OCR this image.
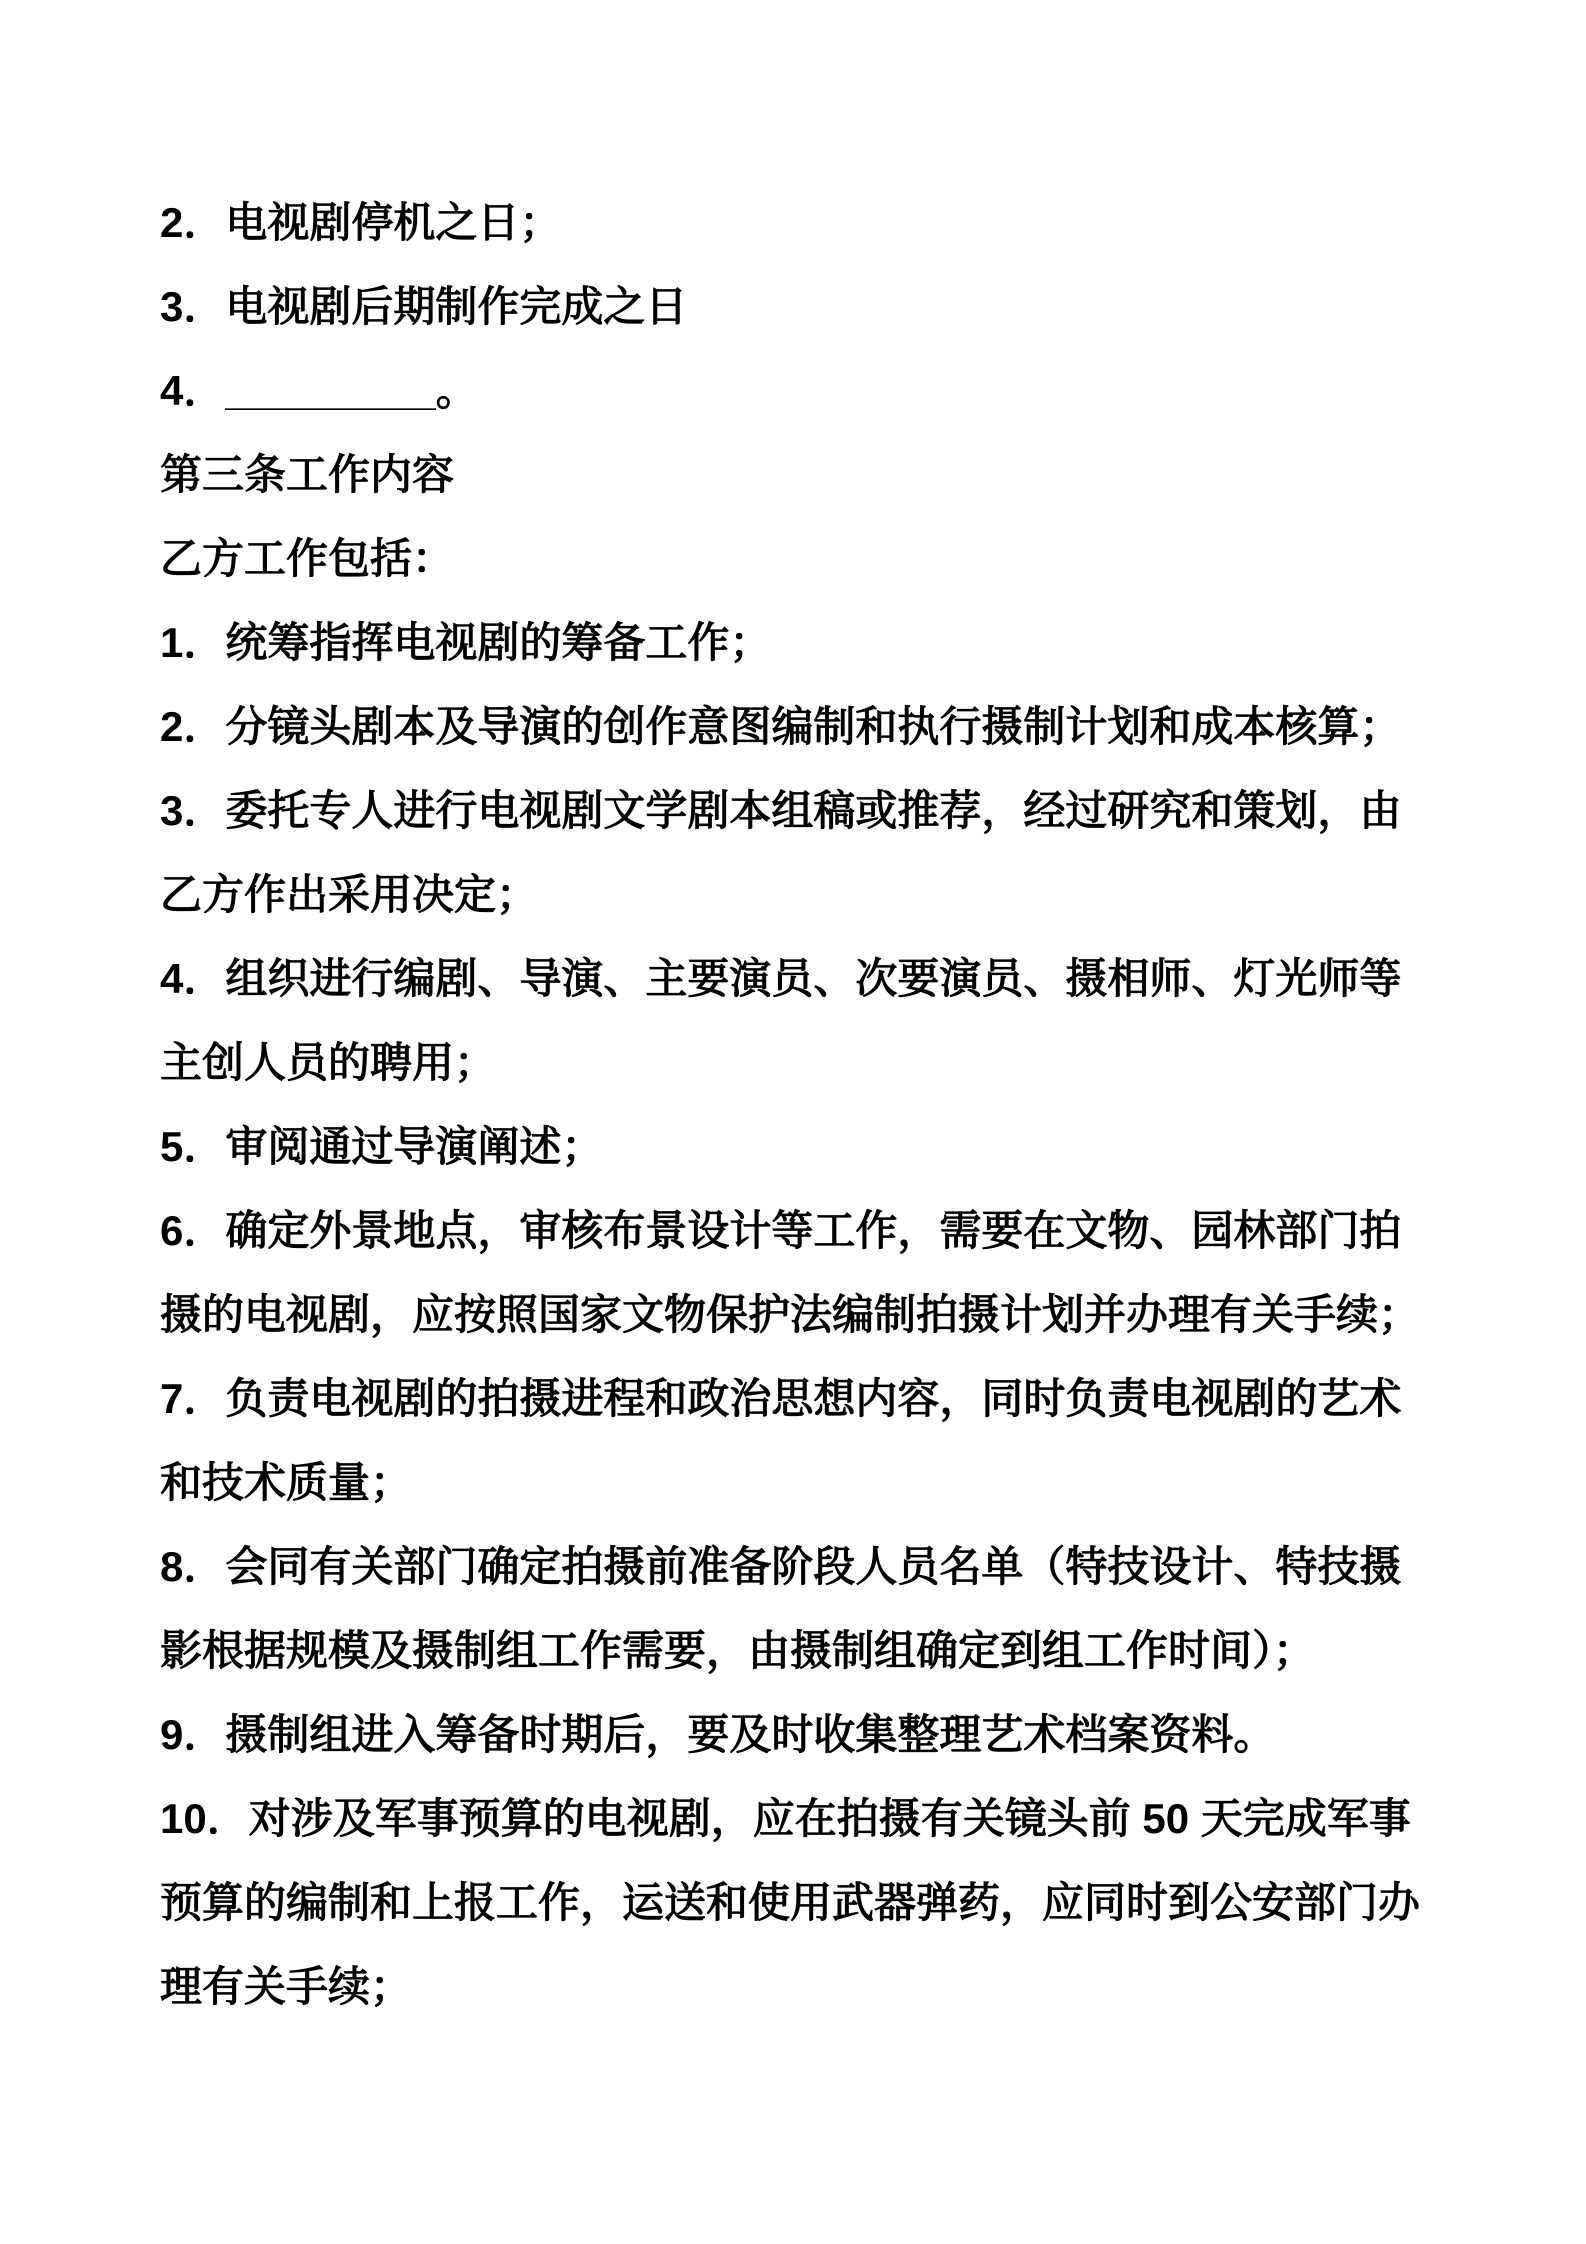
2．电视剧停机之日；

3．电视剧后期制作完成之日

4．_________。

第三条工作内容

乙方工作包括：

1．统筹指挥电视剧的筹备工作；

2．分镜头剧本及导演的创作意图编制和执行摄制计划和成本核算；

3．委托专人进行电视剧文学剧本组稿或推荐，经过研究和策划，由
乙方作出采用决定；

4．组织进行编剧、导演、主要演员、次要演员、摄相师、灯光师等
主创人员的聘用；

5．审阅通过导演阐述；

6．确定外景地点，审核布景设计等工作，需要在文物、园林部门拍
摄的电视剧，应按照国家文物保护法编制拍摄计划并办理有关手续；

7．负责电视剧的拍摄进程和政治思想内容，同时负责电视剧的艺术
和技术质量；

8．会同有关部门确定拍摄前准备阶段人员名单（特技设计、特技摄
影根据规模及摄制组工作需要，由摄制组确定到组工作时间）；

9．摄制组进入筹备时期后，要及时收集整理艺术档案资料。

10．对涉及军事预算的电视剧，应在拍摄有关镜头前 50 天完成军事
预算的编制和上报工作，运送和使用武器弹药，应同时到公安部门办
理有关手续；
